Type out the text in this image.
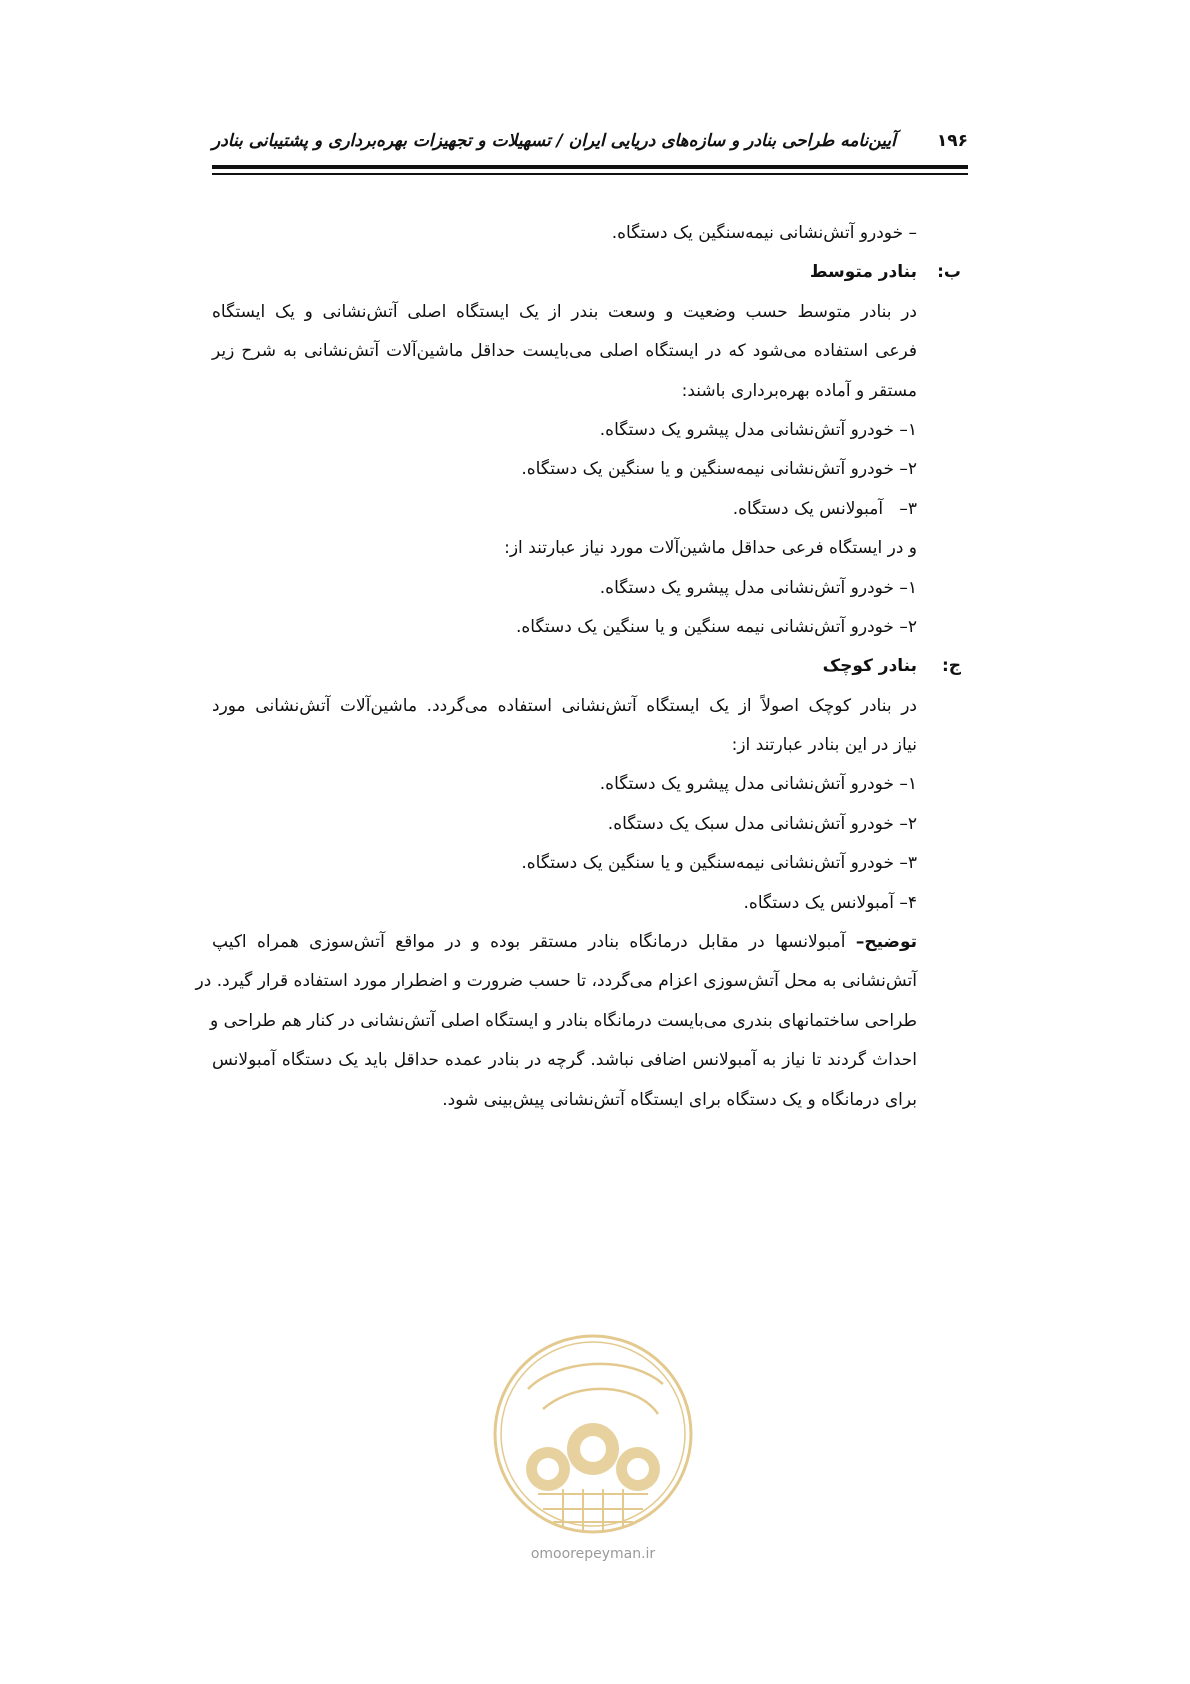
۱۹۶
آیین‌نامه طراحی بنادر و سازه‌های دریایی ایران / تسهیلات و تجهیزات بهره‌برداری و پشتیبانی بنادر
– خودرو آتش‌نشانی نیمه‌سنگین یک دستگاه.
ب:بنادر متوسط
در بنادر متوسط حسب وضعیت و وسعت بندر از یک ایستگاه اصلی آتش‌نشانی و یک ایستگاه
فرعی استفاده می‌شود که در ایستگاه اصلی می‌بایست حداقل ماشین‌آلات آتش‌نشانی به شرح زیر
مستقر و آماده بهره‌برداری باشند:
۱– خودرو آتش‌نشانی مدل پیشرو یک دستگاه.
۲– خودرو آتش‌نشانی نیمه‌سنگین و یا سنگین یک دستگاه.
۳–   آمبولانس یک دستگاه.
و در ایستگاه فرعی حداقل ماشین‌آلات مورد نیاز عبارتند از:
۱– خودرو آتش‌نشانی مدل پیشرو یک دستگاه.
۲– خودرو آتش‌نشانی نیمه سنگین و یا سنگین یک دستگاه.
ج:بنادر کوچک
در بنادر کوچک اصولاً از یک ایستگاه آتش‌نشانی استفاده می‌گردد. ماشین‌آلات آتش‌نشانی مورد
نیاز در این بنادر عبارتند از:
۱– خودرو آتش‌نشانی مدل پیشرو یک دستگاه.
۲– خودرو آتش‌نشانی مدل سبک یک دستگاه.
۳– خودرو آتش‌نشانی نیمه‌سنگین و یا سنگین یک دستگاه.
۴– آمبولانس یک دستگاه.
توضیح– آمبولانسها در مقابل درمانگاه بنادر مستقر بوده و در مواقع آتش‌سوزی همراه اکیپ
آتش‌نشانی به محل آتش‌سوزی اعزام می‌گردد، تا حسب ضرورت و اضطرار مورد استفاده قرار گیرد. در
طراحی ساختمانهای بندری می‌بایست درمانگاه بنادر و ایستگاه اصلی آتش‌نشانی در کنار هم طراحی و
احداث گردند تا نیاز به آمبولانس اضافی نباشد. گرچه در بنادر عمده حداقل باید یک دستگاه آمبولانس
برای درمانگاه و یک دستگاه برای ایستگاه آتش‌نشانی پیش‌بینی شود.
omoorepeyman.ir
